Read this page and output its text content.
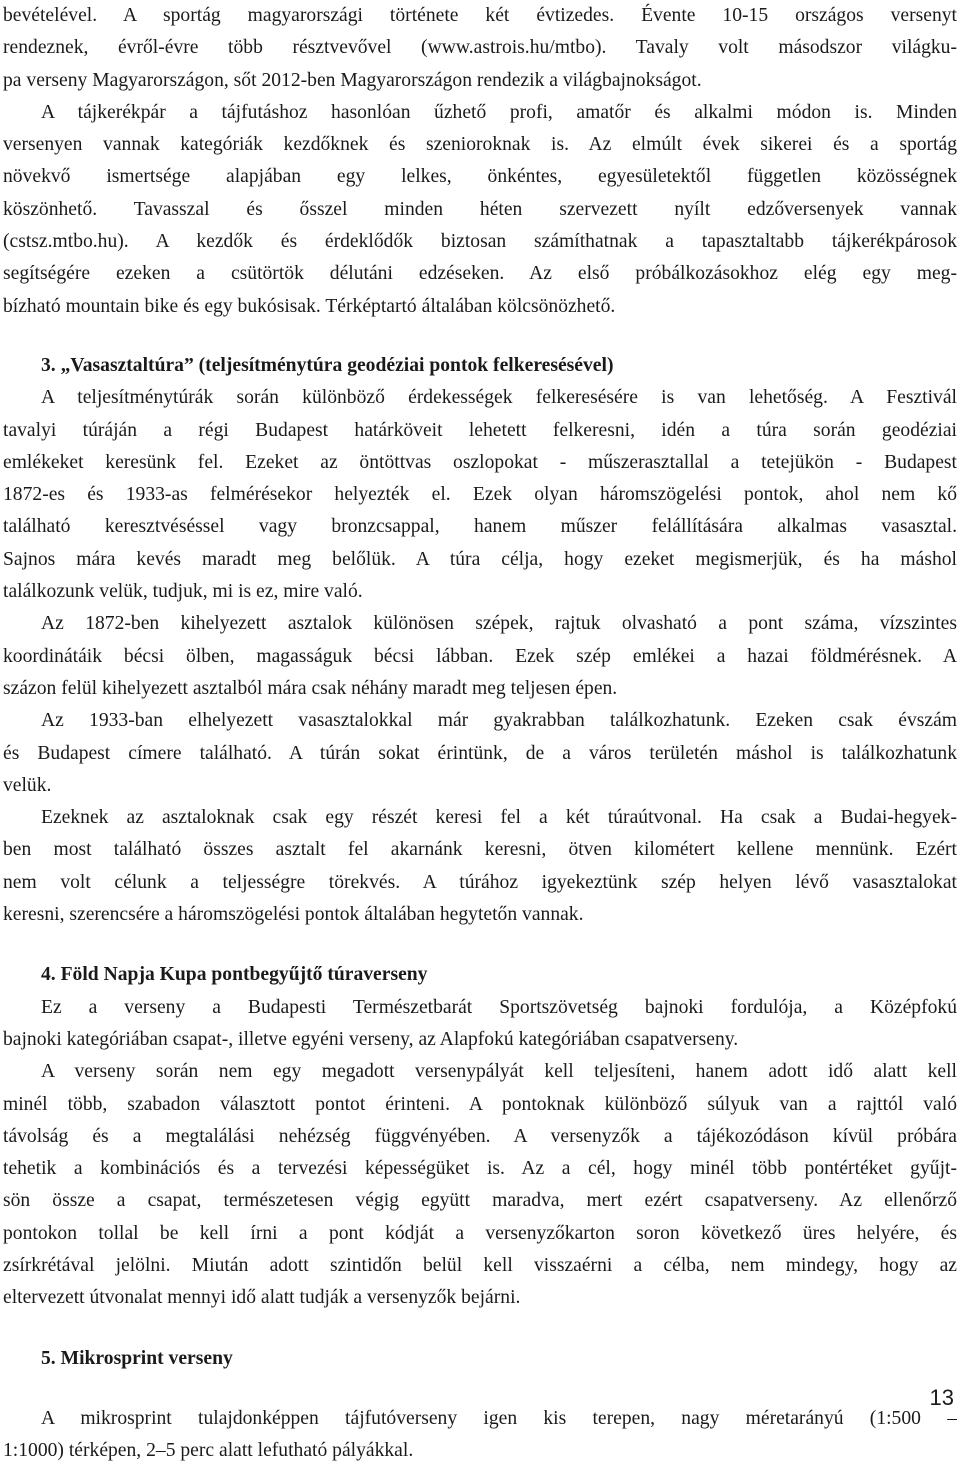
bevételével. A sportág magyarországi története két évtizedes. Évente 10-15 országos versenyt
rendeznek, évről-évre több résztvevővel (www.astrois.hu/mtbo). Tavaly volt másodszor világku-
pa verseny Magyarországon, sőt 2012-ben Magyarországon rendezik a világbajnokságot.
A tájkerékpár a tájfutáshoz hasonlóan űzhető profi, amatőr és alkalmi módon is. Minden
versenyen vannak kategóriák kezdőknek és szenioroknak is. Az elmúlt évek sikerei és a sportág
növekvő ismertsége alapjában egy lelkes, önkéntes, egyesületektől független közösségnek
köszönhető. Tavasszal és ősszel minden héten szervezett nyílt edzőversenyek vannak
(cstsz.mtbo.hu). A kezdők és érdeklődők biztosan számíthatnak a tapasztaltabb tájkerékpárosok
segítségére ezeken a csütörtök délutáni edzéseken. Az első próbálkozásokhoz elég egy meg-
bízható mountain bike és egy bukósisak. Térképtartó általában kölcsönözhető.
3. „Vasasztaltúra” (teljesítménytúra geodéziai pontok felkeresésével)
A teljesítménytúrák során különböző érdekességek felkeresésére is van lehetőség. A Fesztivál
tavalyi túráján a régi Budapest határköveit lehetett felkeresni, idén a túra során geodéziai
emlékeket keresünk fel. Ezeket az öntöttvas oszlopokat - műszerasztallal a tetejükön - Budapest
1872-es és 1933-as felmérésekor helyezték el. Ezek olyan háromszögelési pontok, ahol nem kő
található keresztvéséssel vagy bronzcsappal, hanem műszer felállítására alkalmas vasasztal.
Sajnos mára kevés maradt meg belőlük. A túra célja, hogy ezeket megismerjük, és ha máshol
találkozunk velük, tudjuk, mi is ez, mire való.
Az 1872-ben kihelyezett asztalok különösen szépek, rajtuk olvasható a pont száma, vízszintes
koordinátáik bécsi ölben, magasságuk bécsi lábban. Ezek szép emlékei a hazai földmérésnek. A
százon felül kihelyezett asztalból mára csak néhány maradt meg teljesen épen.
Az 1933-ban elhelyezett vasasztalokkal már gyakrabban találkozhatunk. Ezeken csak évszám
és Budapest címere található. A túrán sokat érintünk, de a város területén máshol is találkozhatunk
velük.
Ezeknek az asztaloknak csak egy részét keresi fel a két túraútvonal. Ha csak a Budai-hegyek-
ben most található összes asztalt fel akarnánk keresni, ötven kilométert kellene mennünk. Ezért
nem volt célunk a teljességre törekvés. A túrához igyekeztünk szép helyen lévő vasasztalokat
keresni, szerencsére a háromszögelési pontok általában hegytetőn vannak.
4. Föld Napja Kupa pontbegyűjtő túraverseny
Ez a verseny a Budapesti Természetbarát Sportszövetség bajnoki fordulója, a Középfokú
bajnoki kategóriában csapat-, illetve egyéni verseny, az Alapfokú kategóriában csapatverseny.
A verseny során nem egy megadott versenypályát kell teljesíteni, hanem adott idő alatt kell
minél több, szabadon választott pontot érinteni. A pontoknak különböző súlyuk van a rajttól való
távolság és a megtalálási nehézség függvényében. A versenyzők a tájékozódáson kívül próbára
tehetik a kombinációs és a tervezési képességüket is. Az a cél, hogy minél több pontértéket gyűjt-
sön össze a csapat, természetesen végig együtt maradva, mert ezért csapatverseny. Az ellenőrző
pontokon tollal be kell írni a pont kódját a versenyzőkarton soron következő üres helyére, és
zsírkrétával jelölni. Miután adott szintidőn belül kell visszaérni a célba, nem mindegy, hogy az
eltervezett útvonalat mennyi idő alatt tudják a versenyzők bejárni.
5. Mikrosprint verseny
A mikrosprint tulajdonképpen tájfutóverseny igen kis terepen, nagy méretarányú (1:500 –
1:1000) térképen, 2–5 perc alatt lefutható pályákkal.
13
